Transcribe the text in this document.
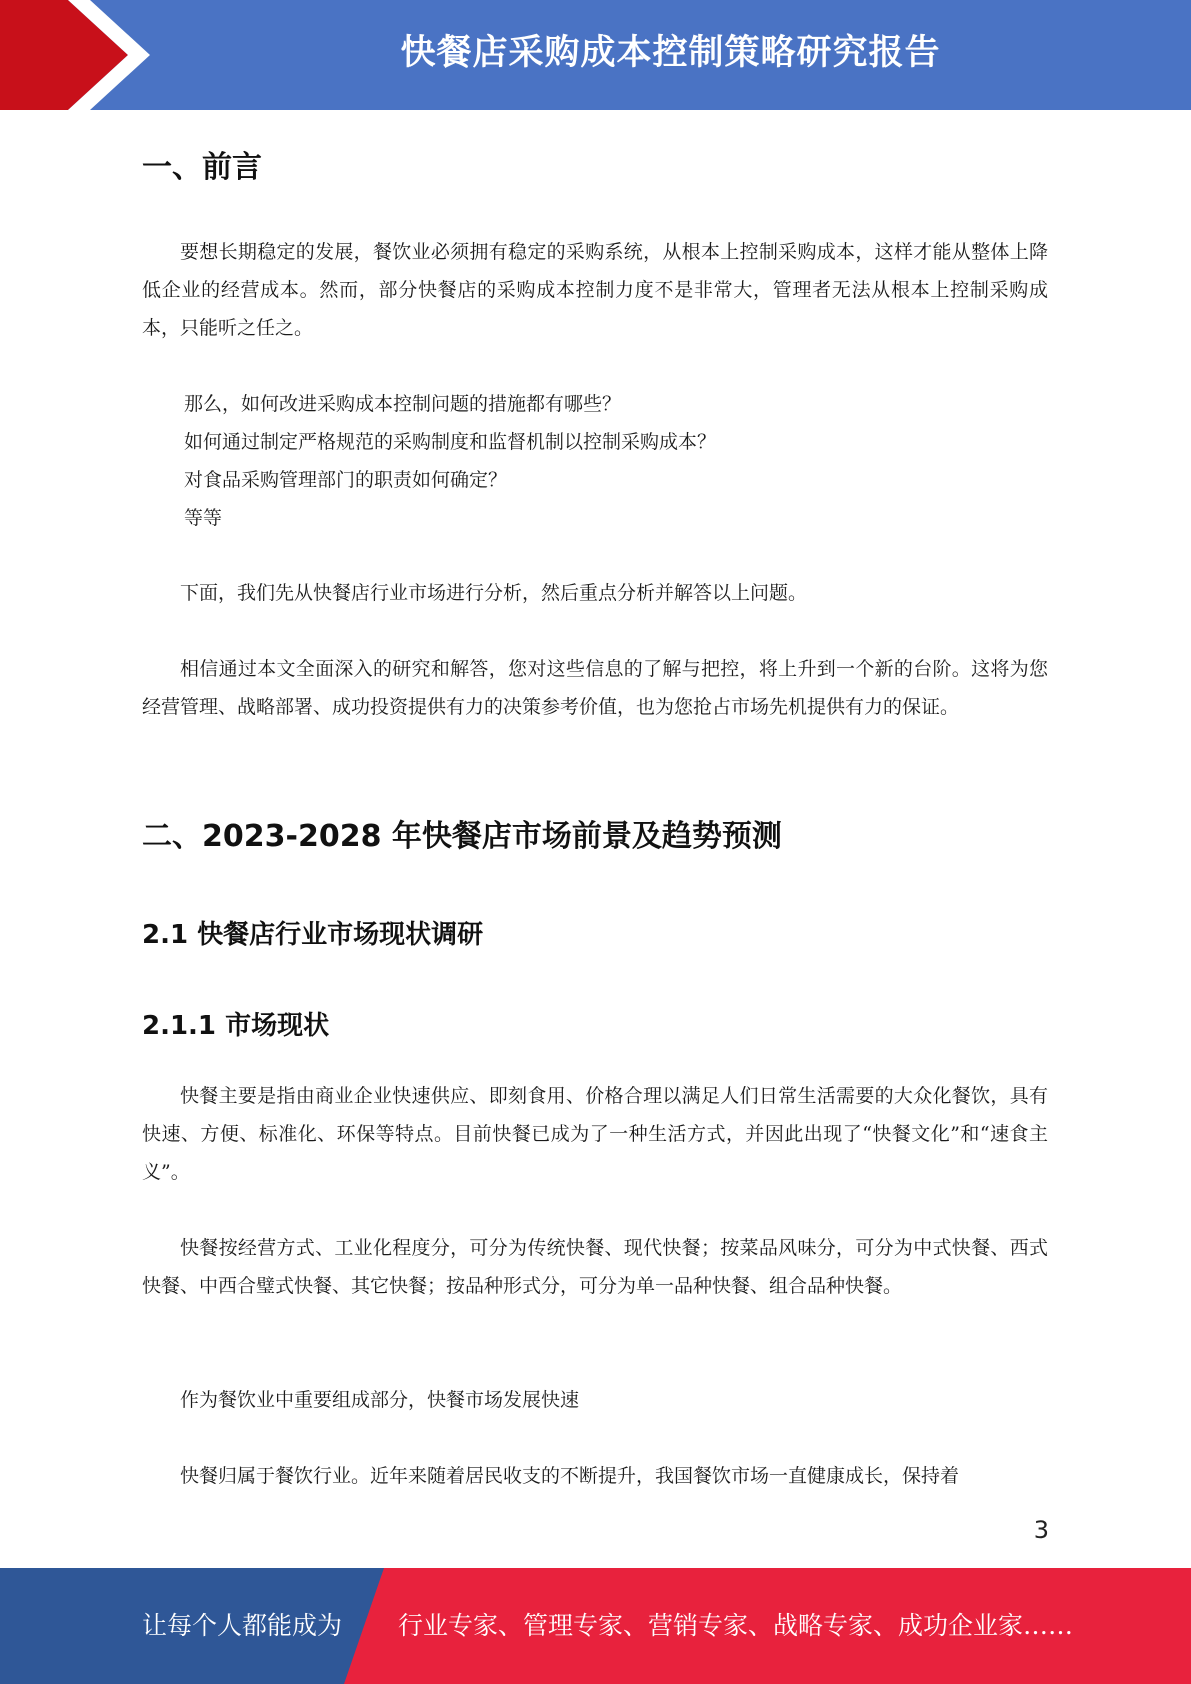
快餐店采购成本控制策略研究报告
一、前言

要想长期稳定的发展，餐饮业必须拥有稳定的采购系统，从根本上控制采购成本，这样才能从整体上降低企业的经营成本。然而，部分快餐店的采购成本控制力度不是非常大，管理者无法从根本上控制采购成本，只能听之任之。

那么，如何改进采购成本控制问题的措施都有哪些？
如何通过制定严格规范的采购制度和监督机制以控制采购成本？
对食品采购管理部门的职责如何确定？
等等

下面，我们先从快餐店行业市场进行分析，然后重点分析并解答以上问题。

相信通过本文全面深入的研究和解答，您对这些信息的了解与把控，将上升到一个新的台阶。这将为您经营管理、战略部署、成功投资提供有力的决策参考价值，也为您抢占市场先机提供有力的保证。

二、2023-2028 年快餐店市场前景及趋势预测
2.1 快餐店行业市场现状调研
2.1.1 市场现状

快餐主要是指由商业企业快速供应、即刻食用、价格合理以满足人们日常生活需要的大众化餐饮，具有快速、方便、标准化、环保等特点。目前快餐已成为了一种生活方式，并因此出现了“快餐文化”和“速食主义”。

快餐按经营方式、工业化程度分，可分为传统快餐、现代快餐；按菜品风味分，可分为中式快餐、西式快餐、中西合璧式快餐、其它快餐；按品种形式分，可分为单一品种快餐、组合品种快餐。

作为餐饮业中重要组成部分，快餐市场发展快速

快餐归属于餐饮行业。近年来随着居民收支的不断提升，我国餐饮市场一直健康成长，保持着

3
让每个人都能成为 行业专家、管理专家、营销专家、战略专家、成功企业家……
